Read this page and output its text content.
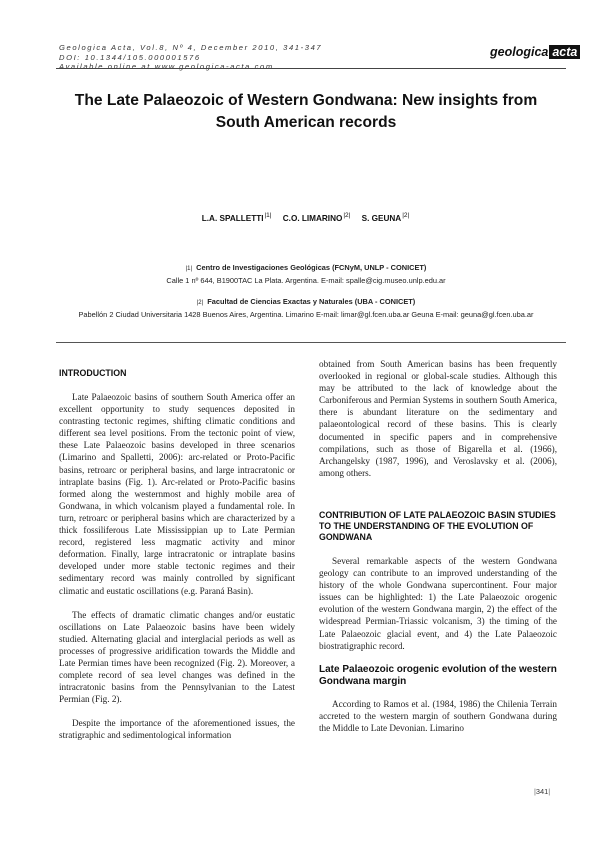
Geologica Acta, Vol.8, Nº 4, December 2010, 341-347
DOI: 10.1344/105.000001576
Available online at www.geologica-acta.com
geologica acta
The Late Palaeozoic of Western Gondwana: New insights from
South American records
L.A. $SPALLETTI^{|1|}$ C.O. $LIMARINO^{|2|}$ S. $GEUNA^{|2|}$
|1| Centro de Investigaciones Geológicas (FCNyM, UNLP - CONICET)
Calle 1 nº 644, B1900TAC La Plata. Argentina. E-mail: spalle@cig.museo.unlp.edu.ar
|2| Facultad de Ciencias Exactas y Naturales (UBA - CONICET)
Pabellón 2 Ciudad Universitaria 1428 Buenos Aires, Argentina. Limarino E-mail: limar@gl.fcen.uba.ar Geuna E-mail: geuna@gl.fcen.uba.ar
INTRODUCTION

Late Palaeozoic basins of southern South America offer an excellent opportunity to study sequences deposited in contrasting tectonic regimes, shifting climatic conditions and different sea level positions. From the tectonic point of view, these Late Palaeozoic basins developed in three scenarios (Limarino and Spalletti, 2006): arc-related or Proto-Pacific basins, retroarc or peripheral basins, and large intracratonic or intraplate basins (Fig. 1). Arc-related or Proto-Pacific basins formed along the westernmost and highly mobile area of Gondwana, in which volcanism played a fundamental role. In turn, retroarc or peripheral basins which are characterized by a thick fossiliferous Late Mississippian up to Late Permian record, registered less magmatic activity and minor deformation. Finally, large intracratonic or intraplate basins developed under more stable tectonic regimes and their sedimentary record was mainly controlled by significant climatic and eustatic oscillations (e.g. Paraná Basin).

The effects of dramatic climatic changes and/or eustatic oscillations on Late Palaeozoic basins have been widely studied. Alternating glacial and interglacial periods as well as processes of progressive aridification towards the Middle and Late Permian times have been recognized (Fig. 2). Moreover, a complete record of sea level changes was defined in the intracratonic basins from the Pennsylvanian to the Latest Permian (Fig. 2).

Despite the importance of the aforementioned issues, the stratigraphic and sedimentological information

obtained from South American basins has been frequently overlooked in regional or global-scale studies. Although this may be attributed to the lack of knowledge about the Carboniferous and Permian Systems in southern South America, there is abundant literature on the sedimentary and palaeontological record of these basins. This is clearly documented in specific papers and in comprehensive compilations, such as those of Bigarella et al. (1966), Archangelsky (1987, 1996), and Veroslavsky et al. (2006), among others.

CONTRIBUTION OF LATE PALAEOZOIC BASIN STUDIES TO THE UNDERSTANDING OF THE EVOLUTION OF GONDWANA

Several remarkable aspects of the western Gondwana geology can contribute to an improved understanding of the history of the whole Gondwana supercontinent. Four major issues can be highlighted: 1) the Late Palaeozoic orogenic evolution of the western Gondwana margin, 2) the effect of the widespread Permian-Triassic volcanism, 3) the timing of the Late Palaeozoic glacial event, and 4) the Late Palaeozoic biostratigraphic record.

Late Palaeozoic orogenic evolution of the western Gondwana margin

According to Ramos et al. (1984, 1986) the Chilenia Terrain accreted to the western margin of southern Gondwana during the Middle to Late Devonian. Limarino

|341|
